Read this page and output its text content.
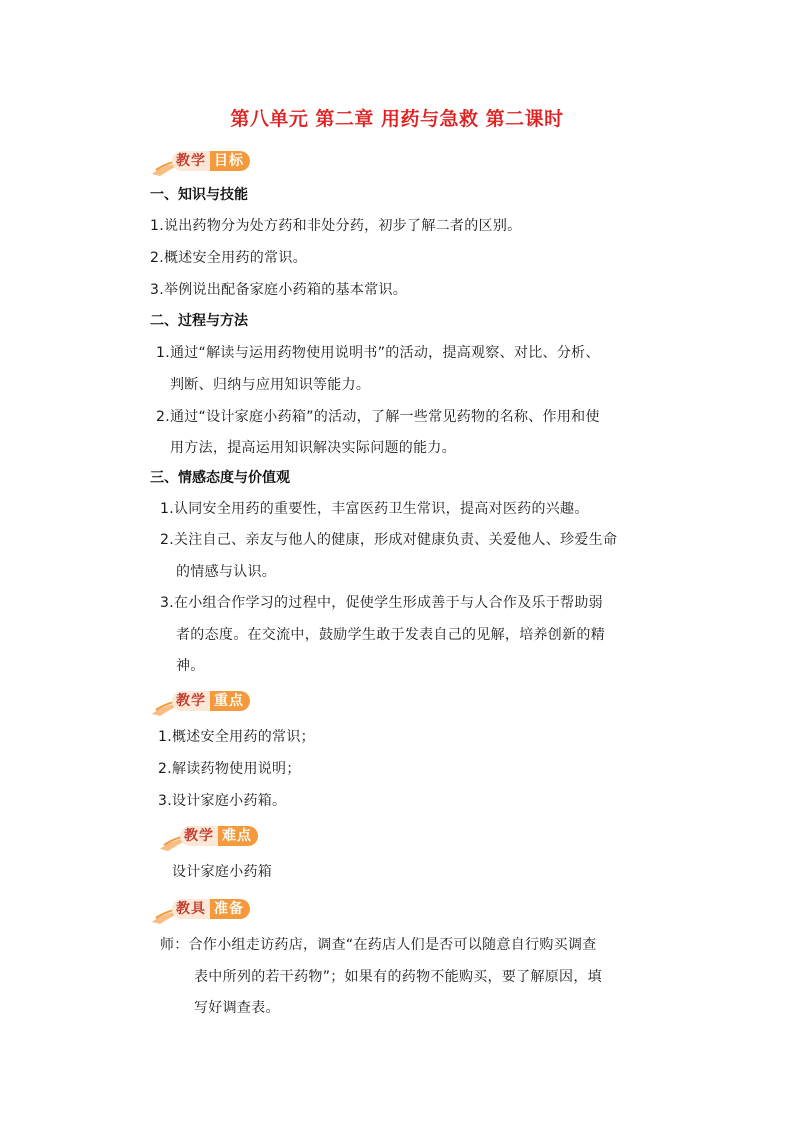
第八单元 第二章 用药与急救 第二课时
教学 目标
一、知识与技能
1.说出药物分为处方药和非处分药，初步了解二者的区别。
2.概述安全用药的常识。
3.举例说出配备家庭小药箱的基本常识。
二、过程与方法
1.通过“解读与运用药物使用说明书”的活动，提高观察、对比、分析、
判断、归纳与应用知识等能力。
2.通过“设计家庭小药箱”的活动，了解一些常见药物的名称、作用和使
用方法，提高运用知识解决实际问题的能力。
三、情感态度与价值观
1.认同安全用药的重要性，丰富医药卫生常识，提高对医药的兴趣。
2.关注自己、亲友与他人的健康，形成对健康负责、关爱他人、珍爱生命
的情感与认识。
3.在小组合作学习的过程中，促使学生形成善于与人合作及乐于帮助弱
者的态度。在交流中，鼓励学生敢于发表自己的见解，培养创新的精
神。
教学 重点
1.概述安全用药的常识；
2.解读药物使用说明；
3.设计家庭小药箱。
教学 难点
设计家庭小药箱
教具 准备
师：合作小组走访药店，调查“在药店人们是否可以随意自行购买调查
表中所列的若干药物”；如果有的药物不能购买，要了解原因，填
写好调查表。
